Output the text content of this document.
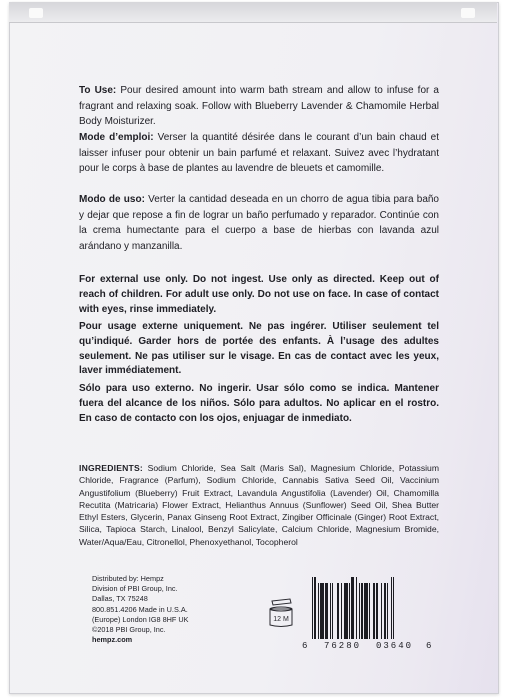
To Use: Pour desired amount into warm bath stream and allow to infuse for a fragrant and relaxing soak. Follow with Blueberry Lavender & Chamomile Herbal Body Moisturizer.

Mode d’emploi: Verser la quantité désirée dans le courant d’un bain chaud et laisser infuser pour obtenir un bain parfumé et relaxant. Suivez avec l’hydratant pour le corps à base de plantes au lavendre de bleuets et camomille.

Modo de uso: Verter la cantidad deseada en un chorro de agua tibia para baño y dejar que repose a fin de lograr un baño perfumado y reparador. Continúe con la crema humectante para el cuerpo a base de hierbas con lavanda azul arándano y manzanilla.

For external use only. Do not ingest. Use only as directed. Keep out of reach of children. For adult use only. Do not use on face. In case of contact with eyes, rinse immediately.

Pour usage externe uniquement. Ne pas ingérer. Utiliser seulement tel qu’indiqué. Garder hors de portée des enfants. À l’usage des adultes seulement. Ne pas utiliser sur le visage. En cas de contact avec les yeux, laver immédiatement.

Sólo para uso externo. No ingerir. Usar sólo como se indica. Mantener fuera del alcance de los niños. Sólo para adultos. No aplicar en el rostro. En caso de contacto con los ojos, enjuagar de inmediato.

INGREDIENTS: Sodium Chloride, Sea Salt (Maris Sal), Magnesium Chloride, Potassium Chloride, Fragrance (Parfum), Sodium Chloride, Cannabis Sativa Seed Oil, Vaccinium Angustifolium (Blueberry) Fruit Extract, Lavandula Angustifolia (Lavender) Oil, Chamomilla Recutita (Matricaria) Flower Extract, Helianthus Annuus (Sunflower) Seed Oil, Shea Butter Ethyl Esters, Glycerin, Panax Ginseng Root Extract, Zingiber Officinale (Ginger) Root Extract, Silica, Tapioca Starch, Linalool, Benzyl Salicylate, Calcium Chloride, Magnesium Bromide, Water/Aqua/Eau, Citronellol, Phenoxyethanol, Tocopherol

Distributed by: Hempz
Division of PBI Group, Inc.
Dallas, TX 75248
800.851.4206 Made in U.S.A.
(Europe) London IG8 8HF UK
©2018 PBI Group, Inc.
hempz.com

12 M
6 76280 03640 6
